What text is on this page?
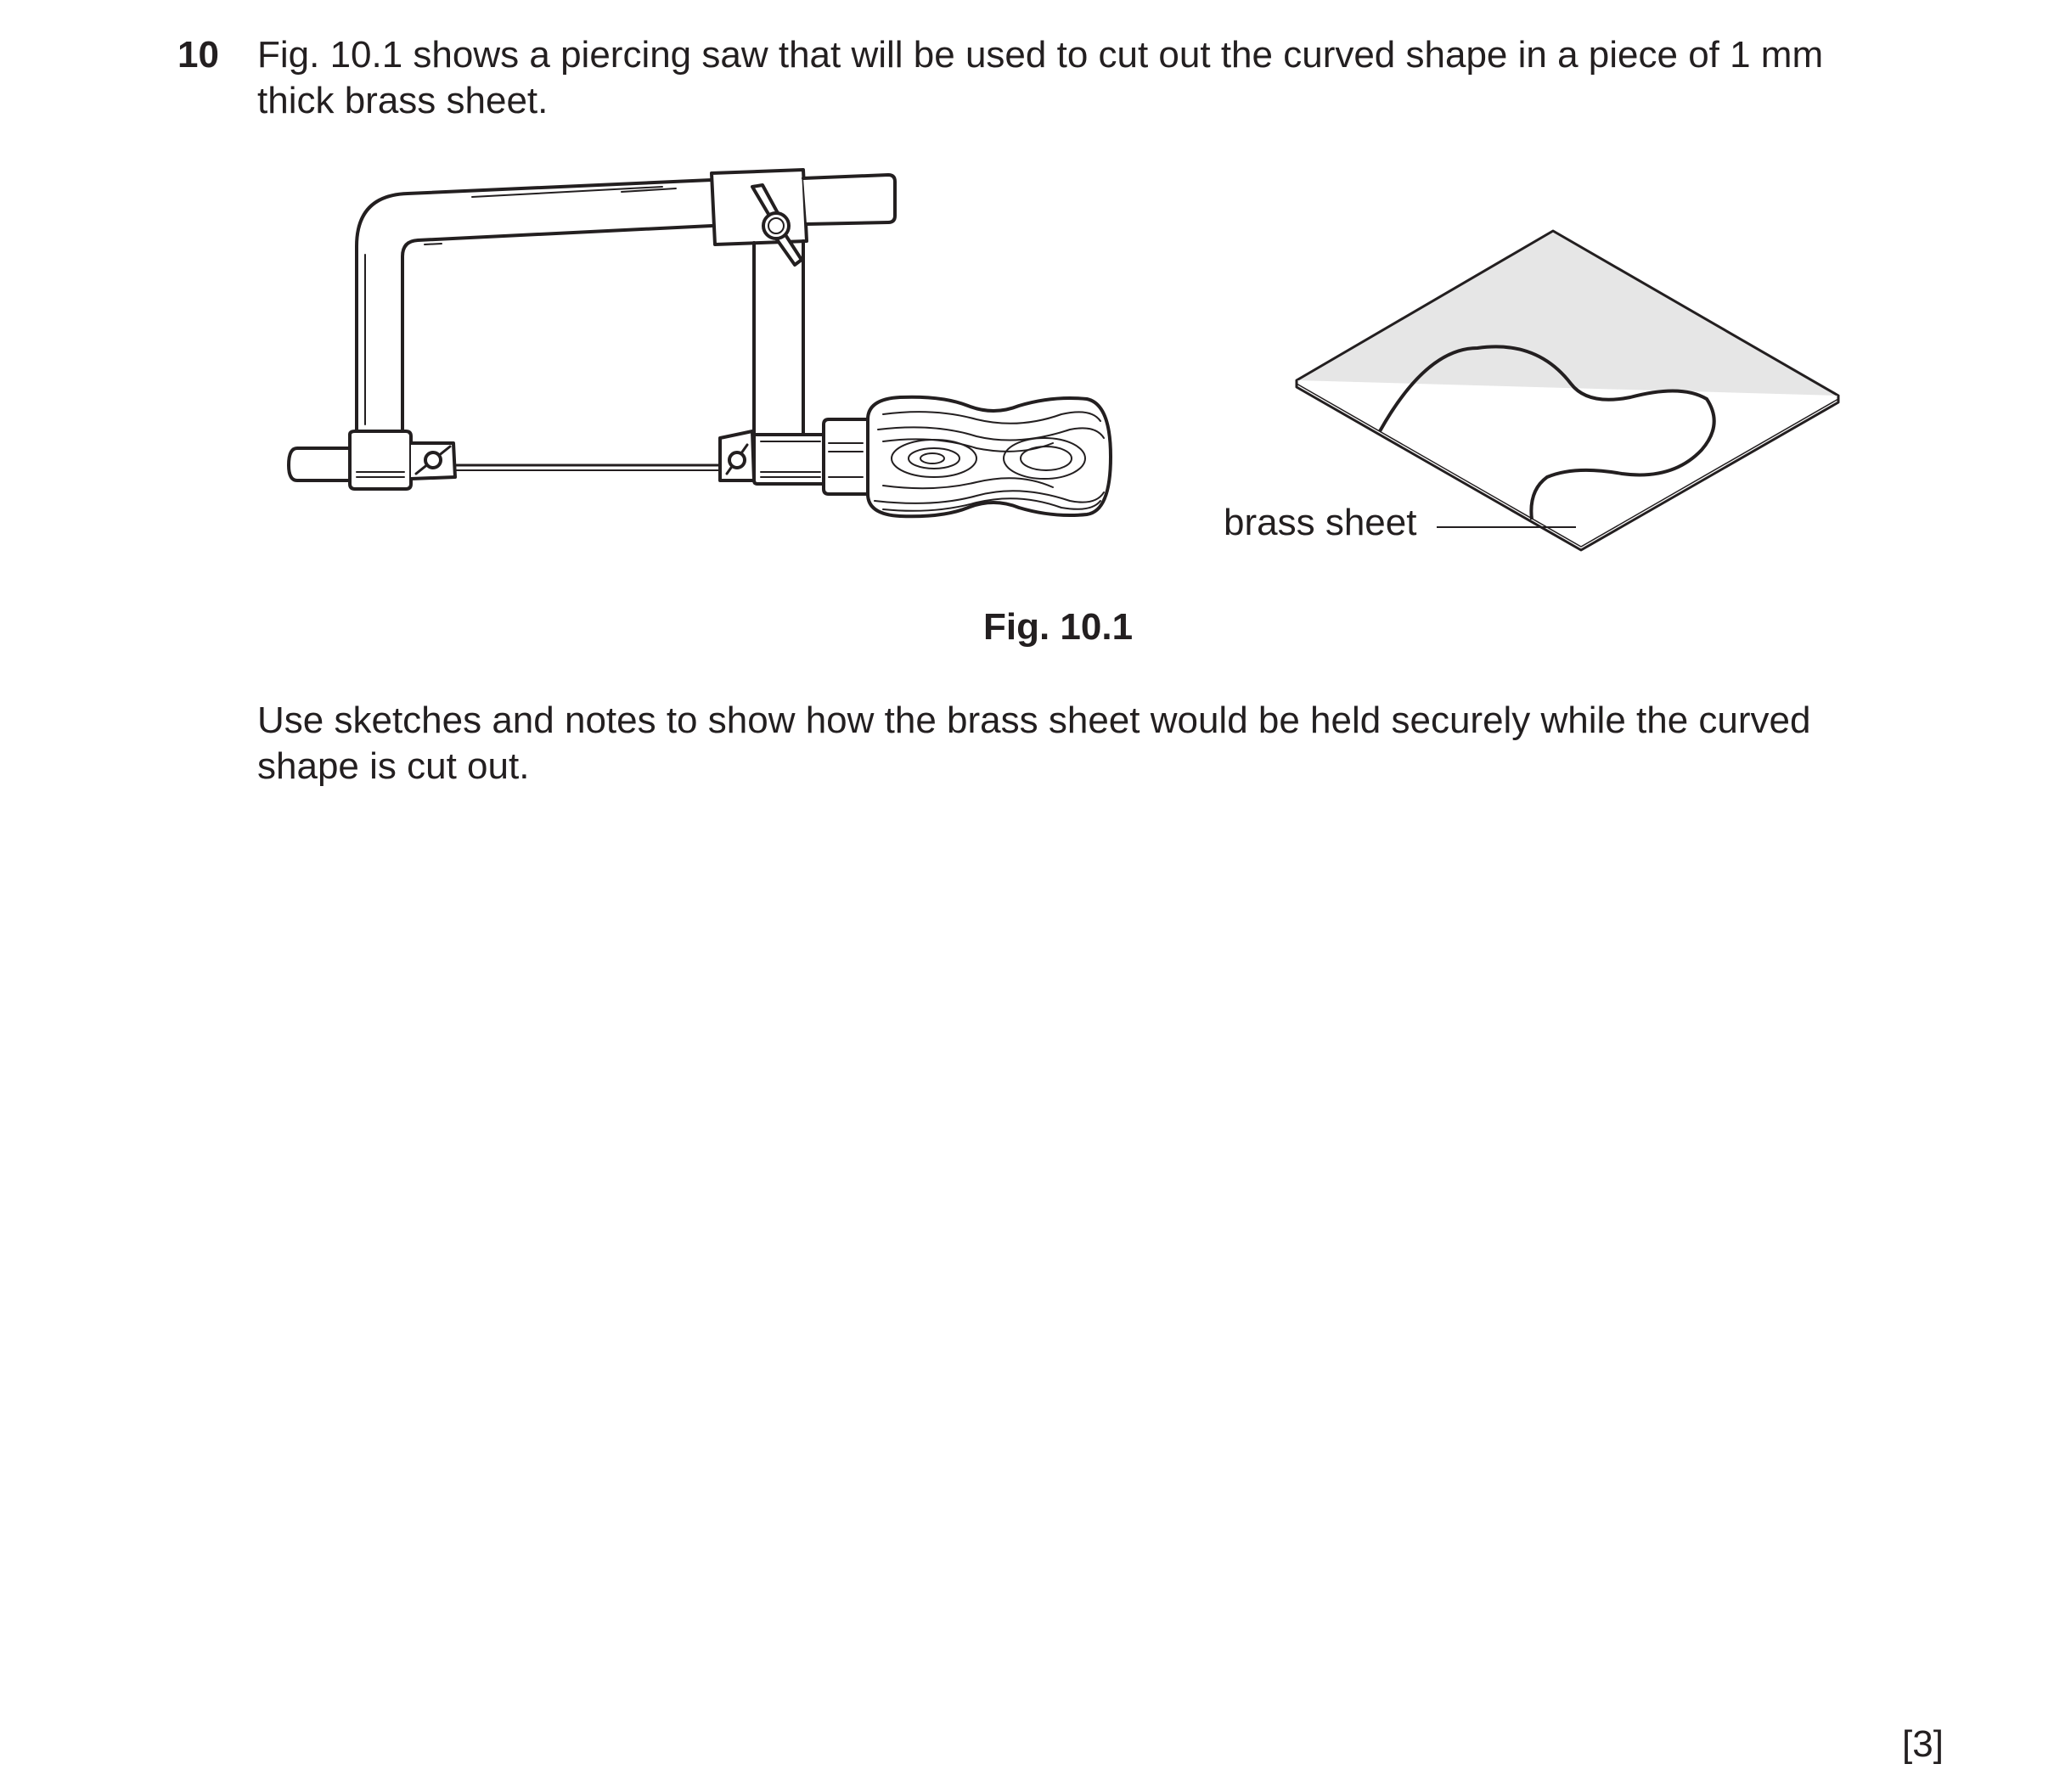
10 Fig. 10.1 shows a piercing saw that will be used to cut out the curved shape in a piece of 1 mm
thick brass sheet.
brass sheet
Fig. 10.1
Use sketches and notes to show how the brass sheet would be held securely while the curved
shape is cut out.
[3]
